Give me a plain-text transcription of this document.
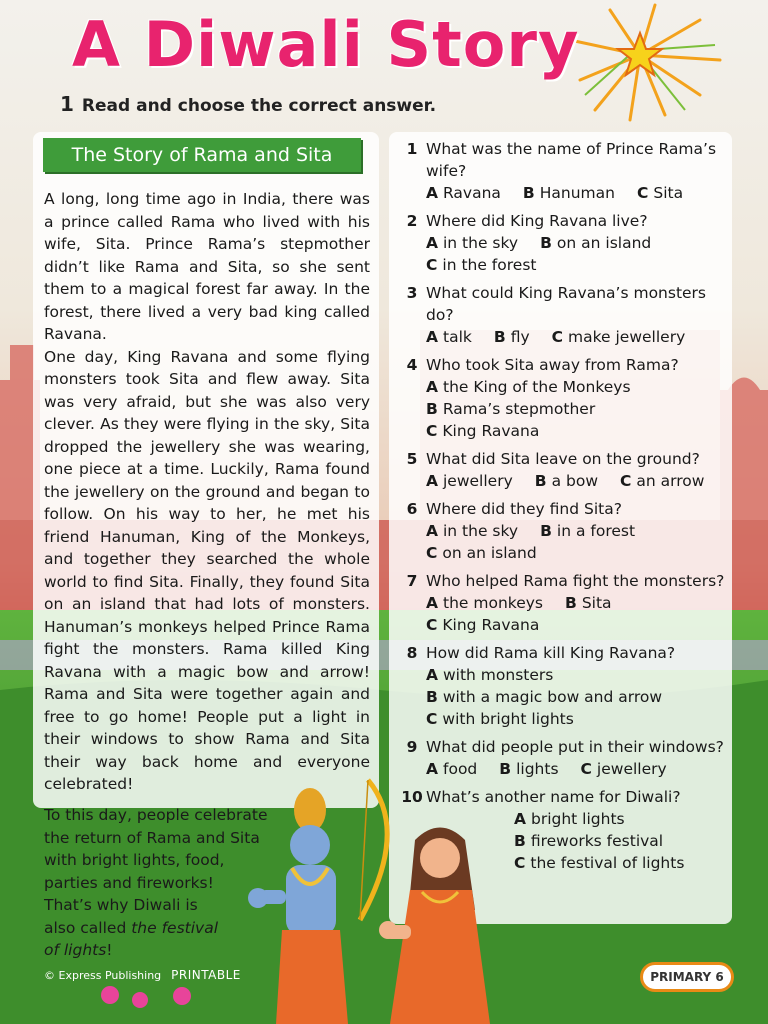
A Diwali Story
1 Read and choose the correct answer.
The Story of Rama and Sita

A long, long time ago in India, there was a prince called Rama who lived with his wife, Sita. Prince Rama’s stepmother didn’t like Rama and Sita, so she sent them to a magical forest far away. In the forest, there lived a very bad king called Ravana.

One day, King Ravana and some flying monsters took Sita and flew away. Sita was very afraid, but she was also very clever. As they were flying in the sky, Sita dropped the jewellery she was wearing, one piece at a time. Luckily, Rama found the jewellery on the ground and began to follow. On his way to her, he met his friend Hanuman, King of the Monkeys, and together they searched the whole world to find Sita. Finally, they found Sita on an island that had lots of monsters. Hanuman’s monkeys helped Prince Rama fight the monsters. Rama killed King Ravana with a magic bow and arrow! Rama and Sita were together again and free to go home! People put a light in their windows to show Rama and Sita their way back home and everyone celebrated!

To this day, people celebrate

the return of Rama and Sita

with bright lights, food,

parties and fireworks!

That’s why Diwali is

also called the festival

of lights!

1 What was the name of Prince Rama’s wife?
A Ravana B Hanuman C Sita
2 Where did King Ravana live?
A in the sky B on an island
C in the forest
3 What could King Ravana’s monsters do?
A talk B fly C make jewellery
4 Who took Sita away from Rama?
A the King of the Monkeys
B Rama’s stepmother
C King Ravana
5 What did Sita leave on the ground?
A jewellery B a bow C an arrow
6 Where did they find Sita?
A in the sky B in a forest
C on an island
7 Who helped Rama fight the monsters?
A the monkeys B Sita
C King Ravana
8 How did Rama kill King Ravana?
A with monsters
B with a magic bow and arrow
C with bright lights
9 What did people put in their windows?
A food B lights C jewellery
10 What’s another name for Diwali?
A bright lights
B fireworks festival
C the festival of lights
© Express Publishing PRINTABLE	PRIMARY 6
